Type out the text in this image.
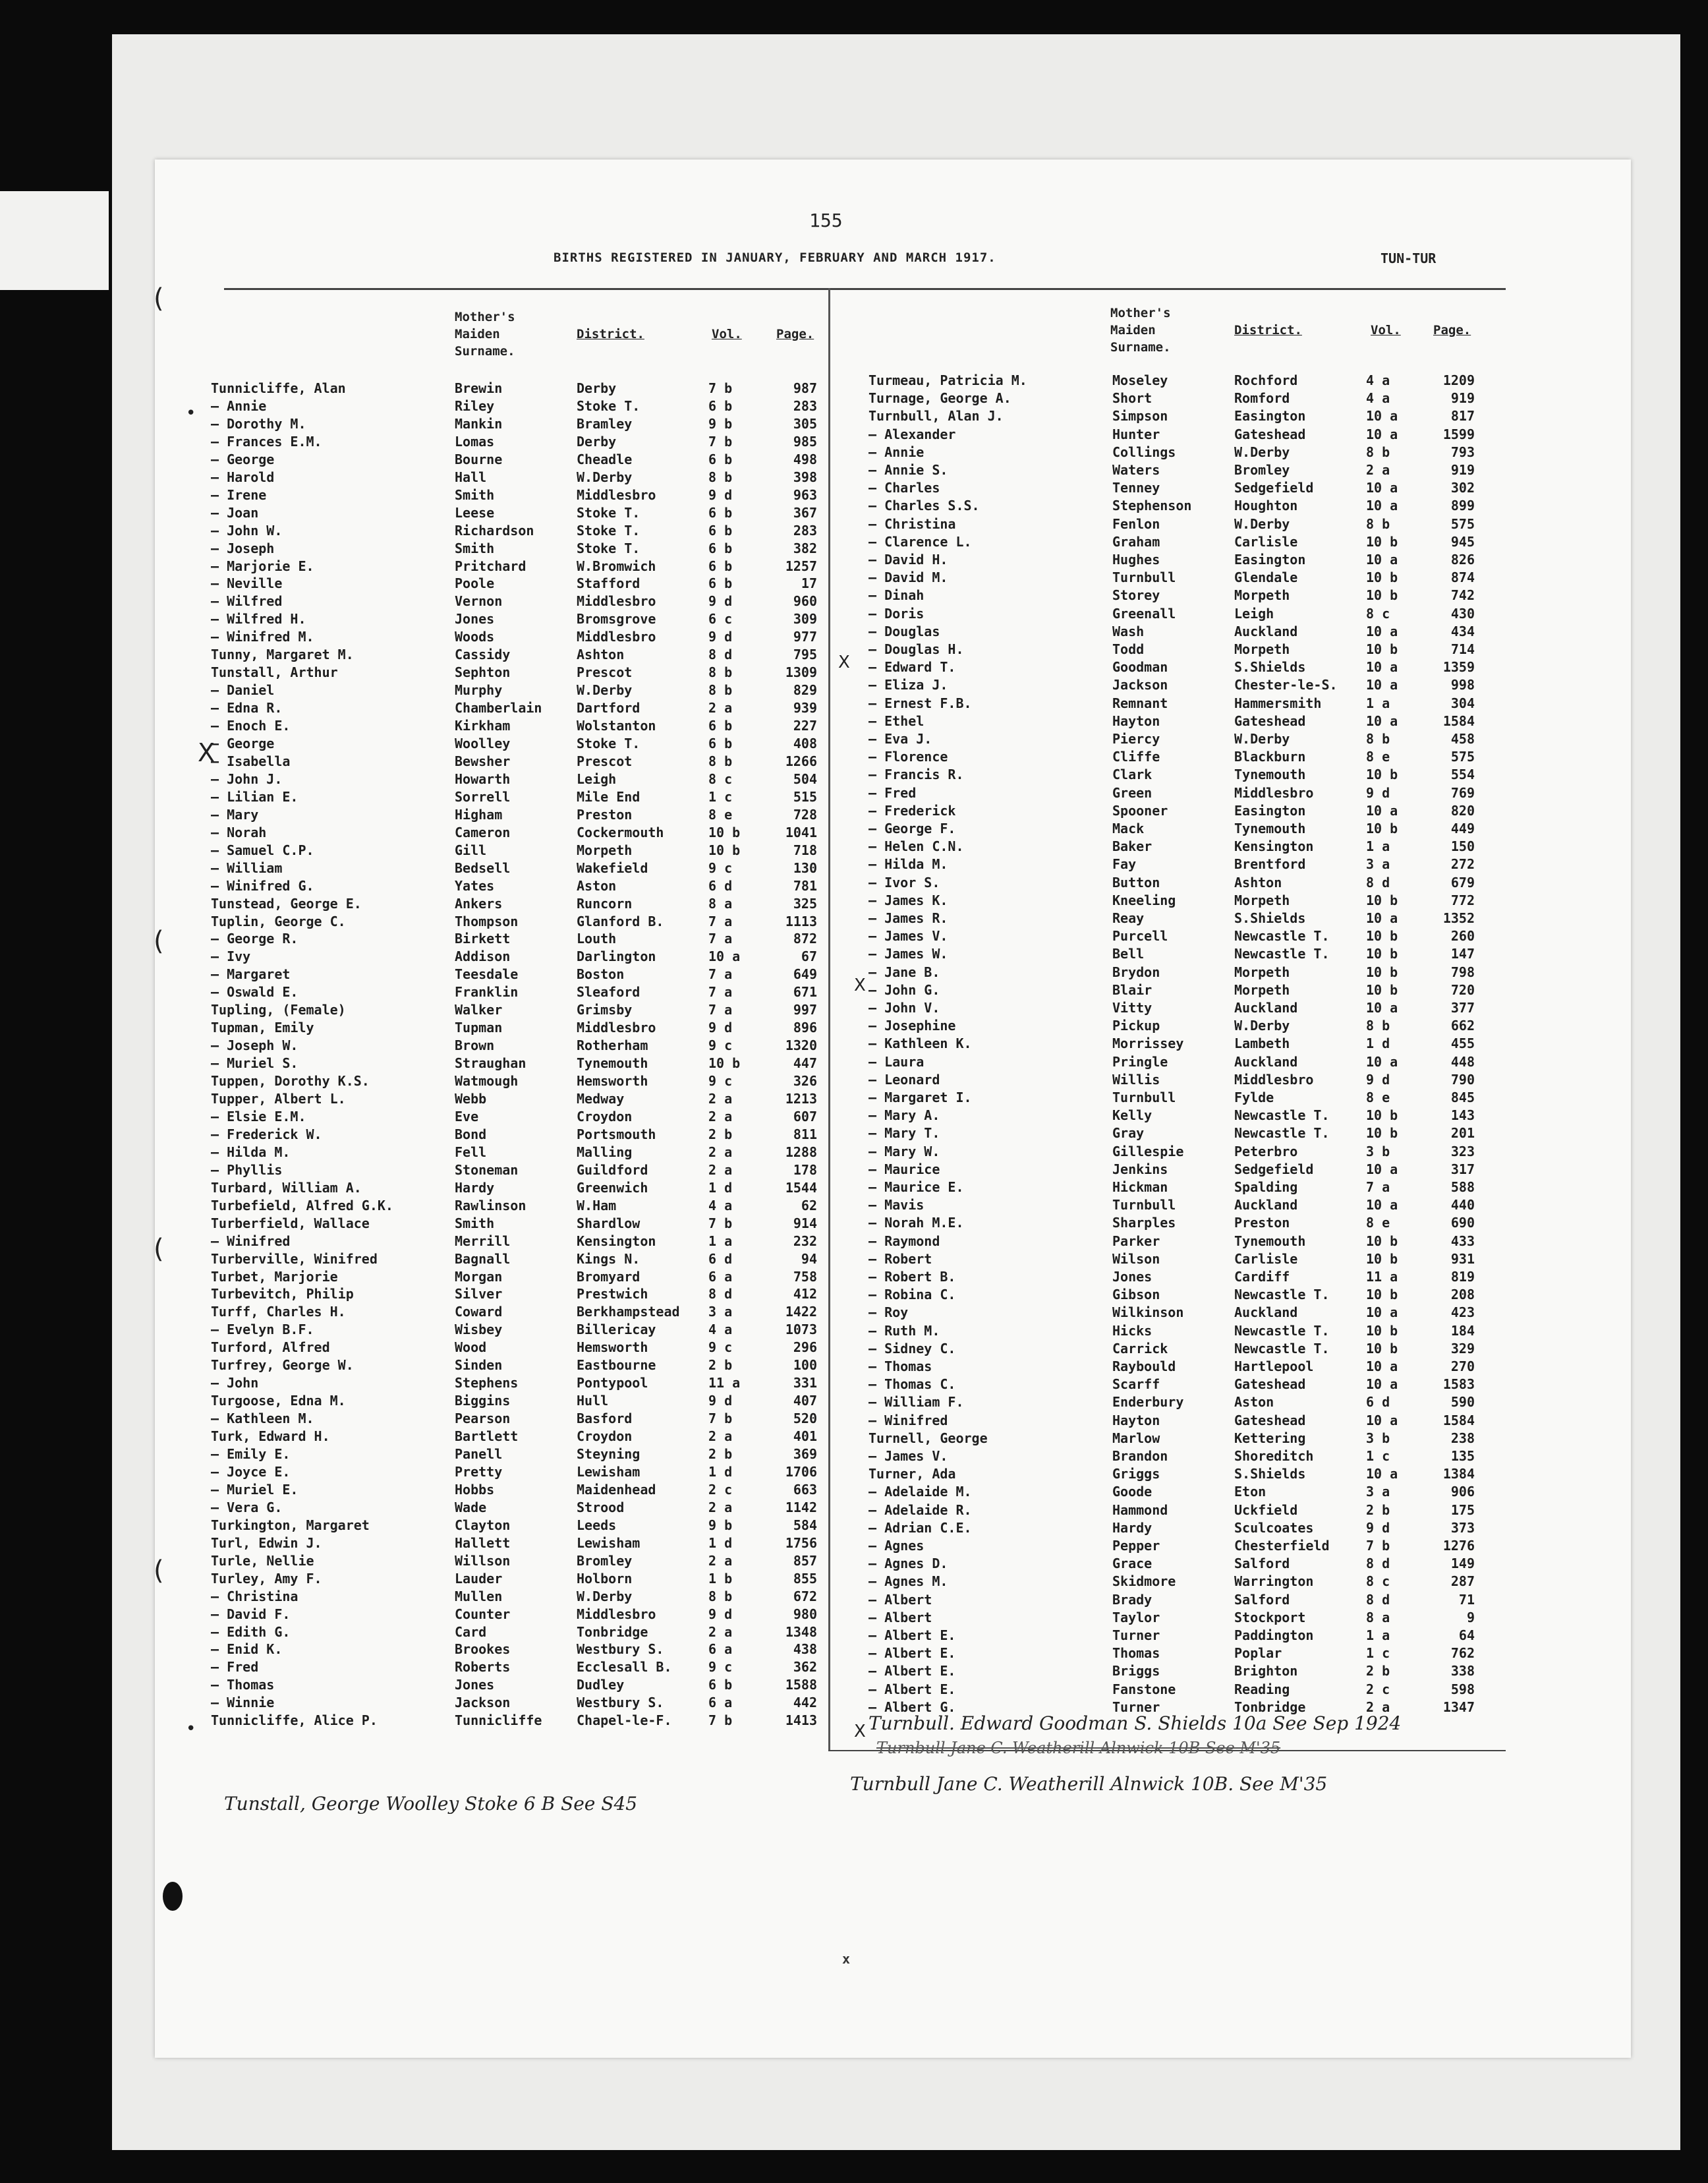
(
(
(
(
155
BIRTHS REGISTERED IN JANUARY, FEBRUARY AND MARCH 1917.	TUN-TUR
Mother's
Maiden
Surname.
District.	Vol.	Page.
Mother's
Maiden
Surname.
District.	Vol.	Page.
Tunnicliffe, Alan	Brewin	Derby	7 b	987
— Annie	Riley	Stoke T.	6 b	283
— Dorothy M.	Mankin	Bramley	9 b	305
— Frances E.M.	Lomas	Derby	7 b	985
— George	Bourne	Cheadle	6 b	498
— Harold	Hall	W.Derby	8 b	398
— Irene	Smith	Middlesbro	9 d	963
— Joan	Leese	Stoke T.	6 b	367
— John W.	Richardson	Stoke T.	6 b	283
— Joseph	Smith	Stoke T.	6 b	382
— Marjorie E.	Pritchard	W.Bromwich	6 b	1257
— Neville	Poole	Stafford	6 b	17
— Wilfred	Vernon	Middlesbro	9 d	960
— Wilfred H.	Jones	Bromsgrove	6 c	309
— Winifred M.	Woods	Middlesbro	9 d	977
Tunny, Margaret M.	Cassidy	Ashton	8 d	795
Tunstall, Arthur	Sephton	Prescot	8 b	1309
— Daniel	Murphy	W.Derby	8 b	829
— Edna R.	Chamberlain	Dartford	2 a	939
— Enoch E.	Kirkham	Wolstanton	6 b	227
— George	Woolley	Stoke T.	6 b	408
— Isabella	Bewsher	Prescot	8 b	1266
— John J.	Howarth	Leigh	8 c	504
— Lilian E.	Sorrell	Mile End	1 c	515
— Mary	Higham	Preston	8 e	728
— Norah	Cameron	Cockermouth	10 b	1041
— Samuel C.P.	Gill	Morpeth	10 b	718
— William	Bedsell	Wakefield	9 c	130
— Winifred G.	Yates	Aston	6 d	781
Tunstead, George E.	Ankers	Runcorn	8 a	325
Tuplin, George C.	Thompson	Glanford B.	7 a	1113
— George R.	Birkett	Louth	7 a	872
— Ivy	Addison	Darlington	10 a	67
— Margaret	Teesdale	Boston	7 a	649
— Oswald E.	Franklin	Sleaford	7 a	671
Tupling, (Female)	Walker	Grimsby	7 a	997
Tupman, Emily	Tupman	Middlesbro	9 d	896
— Joseph W.	Brown	Rotherham	9 c	1320
— Muriel S.	Straughan	Tynemouth	10 b	447
Tuppen, Dorothy K.S.	Watmough	Hemsworth	9 c	326
Tupper, Albert L.	Webb	Medway	2 a	1213
— Elsie E.M.	Eve	Croydon	2 a	607
— Frederick W.	Bond	Portsmouth	2 b	811
— Hilda M.	Fell	Malling	2 a	1288
— Phyllis	Stoneman	Guildford	2 a	178
Turbard, William A.	Hardy	Greenwich	1 d	1544
Turbefield, Alfred G.K.	Rawlinson	W.Ham	4 a	62
Turberfield, Wallace	Smith	Shardlow	7 b	914
— Winifred	Merrill	Kensington	1 a	232
Turberville, Winifred	Bagnall	Kings N.	6 d	94
Turbet, Marjorie	Morgan	Bromyard	6 a	758
Turbevitch, Philip	Silver	Prestwich	8 d	412
Turff, Charles H.	Coward	Berkhampstead 3 a	1422
— Evelyn B.F.	Wisbey	Billericay	4 a	1073
Turford, Alfred	Wood	Hemsworth	9 c	296
Turfrey, George W.	Sinden	Eastbourne	2 b	100
— John	Stephens	Pontypool	11 a	331
Turgoose, Edna M.	Biggins	Hull	9 d	407
— Kathleen M.	Pearson	Basford	7 b	520
Turk, Edward H.	Bartlett	Croydon	2 a	401
— Emily E.	Panell	Steyning	2 b	369
— Joyce E.	Pretty	Lewisham	1 d	1706
— Muriel E.	Hobbs	Maidenhead	2 c	663
— Vera G.	Wade	Strood	2 a	1142
Turkington, Margaret	Clayton	Leeds	9 b	584
Turl, Edwin J.	Hallett	Lewisham	1 d	1756
Turle, Nellie	Willson	Bromley	2 a	857
Turley, Amy F.	Lauder	Holborn	1 b	855
— Christina	Mullen	W.Derby	8 b	672
— David F.	Counter	Middlesbro	9 d	980
— Edith G.	Card	Tonbridge	2 a	1348
— Enid K.	Brookes	Westbury S.	6 a	438
— Fred	Roberts	Ecclesall B.	9 c	362
— Thomas	Jones	Dudley	6 b	1588
— Winnie	Jackson	Westbury S.	6 a	442
Tunnicliffe, Alice P.	Tunnicliffe	Chapel-le-F.	7 b	1413
Turmeau, Patricia M.	Moseley	Rochford	4 a	1209
Turnage, George A.	Short	Romford	4 a	919
Turnbull, Alan J.	Simpson	Easington	10 a	817
— Alexander	Hunter	Gateshead	10 a	1599
— Annie	Collings	W.Derby	8 b	793
— Annie S.	Waters	Bromley	2 a	919
— Charles	Tenney	Sedgefield	10 a	302
— Charles S.S.	Stephenson	Houghton	10 a	899
— Christina	Fenlon	W.Derby	8 b	575
— Clarence L.	Graham	Carlisle	10 b	945
— David H.	Hughes	Easington	10 a	826
— David M.	Turnbull	Glendale	10 b	874
— Dinah	Storey	Morpeth	10 b	742
— Doris	Greenall	Leigh	8 c	430
— Douglas	Wash	Auckland	10 a	434
— Douglas H.	Todd	Morpeth	10 b	714
— Edward T.	Goodman	S.Shields	10 a	1359
— Eliza J.	Jackson	Chester-le-S. 10 a	998
— Ernest F.B.	Remnant	Hammersmith	1 a	304
— Ethel	Hayton	Gateshead	10 a	1584
— Eva J.	Piercy	W.Derby	8 b	458
— Florence	Cliffe	Blackburn	8 e	575
— Francis R.	Clark	Tynemouth	10 b	554
— Fred	Green	Middlesbro	9 d	769
— Frederick	Spooner	Easington	10 a	820
— George F.	Mack	Tynemouth	10 b	449
— Helen C.N.	Baker	Kensington	1 a	150
— Hilda M.	Fay	Brentford	3 a	272
— Ivor S.	Button	Ashton	8 d	679
— James K.	Kneeling	Morpeth	10 b	772
— James R.	Reay	S.Shields	10 a	1352
— James V.	Purcell	Newcastle T.	10 b	260
— James W.	Bell	Newcastle T.	10 b	147
— Jane B.	Brydon	Morpeth	10 b	798
— John G.	Blair	Morpeth	10 b	720
— John V.	Vitty	Auckland	10 a	377
— Josephine	Pickup	W.Derby	8 b	662
— Kathleen K.	Morrissey	Lambeth	1 d	455
— Laura	Pringle	Auckland	10 a	448
— Leonard	Willis	Middlesbro	9 d	790
— Margaret I.	Turnbull	Fylde	8 e	845
— Mary A.	Kelly	Newcastle T.	10 b	143
— Mary T.	Gray	Newcastle T.	10 b	201
— Mary W.	Gillespie	Peterbro	3 b	323
— Maurice	Jenkins	Sedgefield	10 a	317
— Maurice E.	Hickman	Spalding	7 a	588
— Mavis	Turnbull	Auckland	10 a	440
— Norah M.E.	Sharples	Preston	8 e	690
— Raymond	Parker	Tynemouth	10 b	433
— Robert	Wilson	Carlisle	10 b	931
— Robert B.	Jones	Cardiff	11 a	819
— Robina C.	Gibson	Newcastle T.	10 b	208
— Roy	Wilkinson	Auckland	10 a	423
— Ruth M.	Hicks	Newcastle T.	10 b	184
— Sidney C.	Carrick	Newcastle T.	10 b	329
— Thomas	Raybould	Hartlepool	10 a	270
— Thomas C.	Scarff	Gateshead	10 a	1583
— William F.	Enderbury	Aston	6 d	590
— Winifred	Hayton	Gateshead	10 a	1584
Turnell, George	Marlow	Kettering	3 b	238
— James V.	Brandon	Shoreditch	1 c	135
Turner, Ada	Griggs	S.Shields	10 a	1384
— Adelaide M.	Goode	Eton	3 a	906
— Adelaide R.	Hammond	Uckfield	2 b	175
— Adrian C.E.	Hardy	Sculcoates	9 d	373
— Agnes	Pepper	Chesterfield	7 b	1276
— Agnes D.	Grace	Salford	8 d	149
— Agnes M.	Skidmore	Warrington	8 c	287
— Albert	Brady	Salford	8 d	71
— Albert	Taylor	Stockport	8 a	9
— Albert E.	Turner	Paddington	1 a	64
— Albert E.	Thomas	Poplar	1 c	762
— Albert E.	Briggs	Brighton	2 b	338
— Albert E.	Fanstone	Reading	2 c	598
— Albert G.	Turner	Tonbridge	2 a	1347
•
X
•
X
X
X Turnbull. Edward Goodman S. Shields 10a See Sep 1924
Turnbull Jane C. Weatherill Alnwick 10B See M'35
Turnbull Jane C. Weatherill Alnwick 10B. See M'35
Tunstall, George Woolley Stoke 6 B See S45
x
